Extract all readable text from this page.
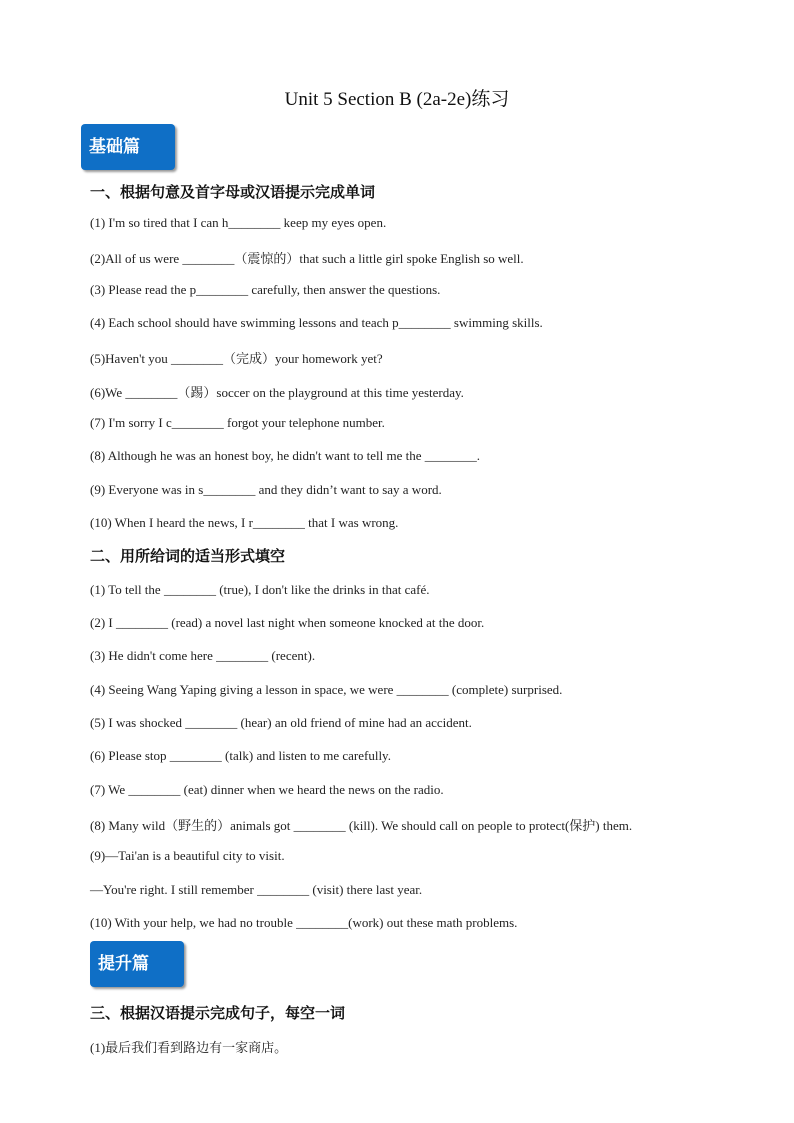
Unit 5 Section B (2a-2e)练习
基础篇
一、根据句意及首字母或汉语提示完成单词
(1) I'm so tired that I can h________ keep my eyes open.
(2)All of us were ________（震惊的）that such a little girl spoke English so well.
(3) Please read the p________ carefully, then answer the questions.
(4) Each school should have swimming lessons and teach p________ swimming skills.
(5)Haven't you ________（完成）your homework yet?
(6)We ________（踢）soccer on the playground at this time yesterday.
(7) I'm sorry I c________ forgot your telephone number.
(8) Although he was an honest boy, he didn't want to tell me the ________.
(9) Everyone was in s________ and they didn’t want to say a word.
(10) When I heard the news, I r________ that I was wrong.
二、用所给词的适当形式填空
(1) To tell the ________ (true), I don't like the drinks in that café.
(2) I ________ (read) a novel last night when someone knocked at the door.
(3) He didn't come here ________ (recent).
(4) Seeing Wang Yaping giving a lesson in space, we were ________ (complete) surprised.
(5) I was shocked ________ (hear) an old friend of mine had an accident.
(6) Please stop ________ (talk) and listen to me carefully.
(7) We ________ (eat) dinner when we heard the news on the radio.
(8) Many wild（野生的）animals got ________ (kill). We should call on people to protect(保护) them.
(9)—Tai'an is a beautiful city to visit.
—You're right. I still remember ________ (visit) there last year.
(10) With your help, we had no trouble ________(work) out these math problems.
提升篇
三、根据汉语提示完成句子，每空一词
(1)最后我们看到路边有一家商店。
